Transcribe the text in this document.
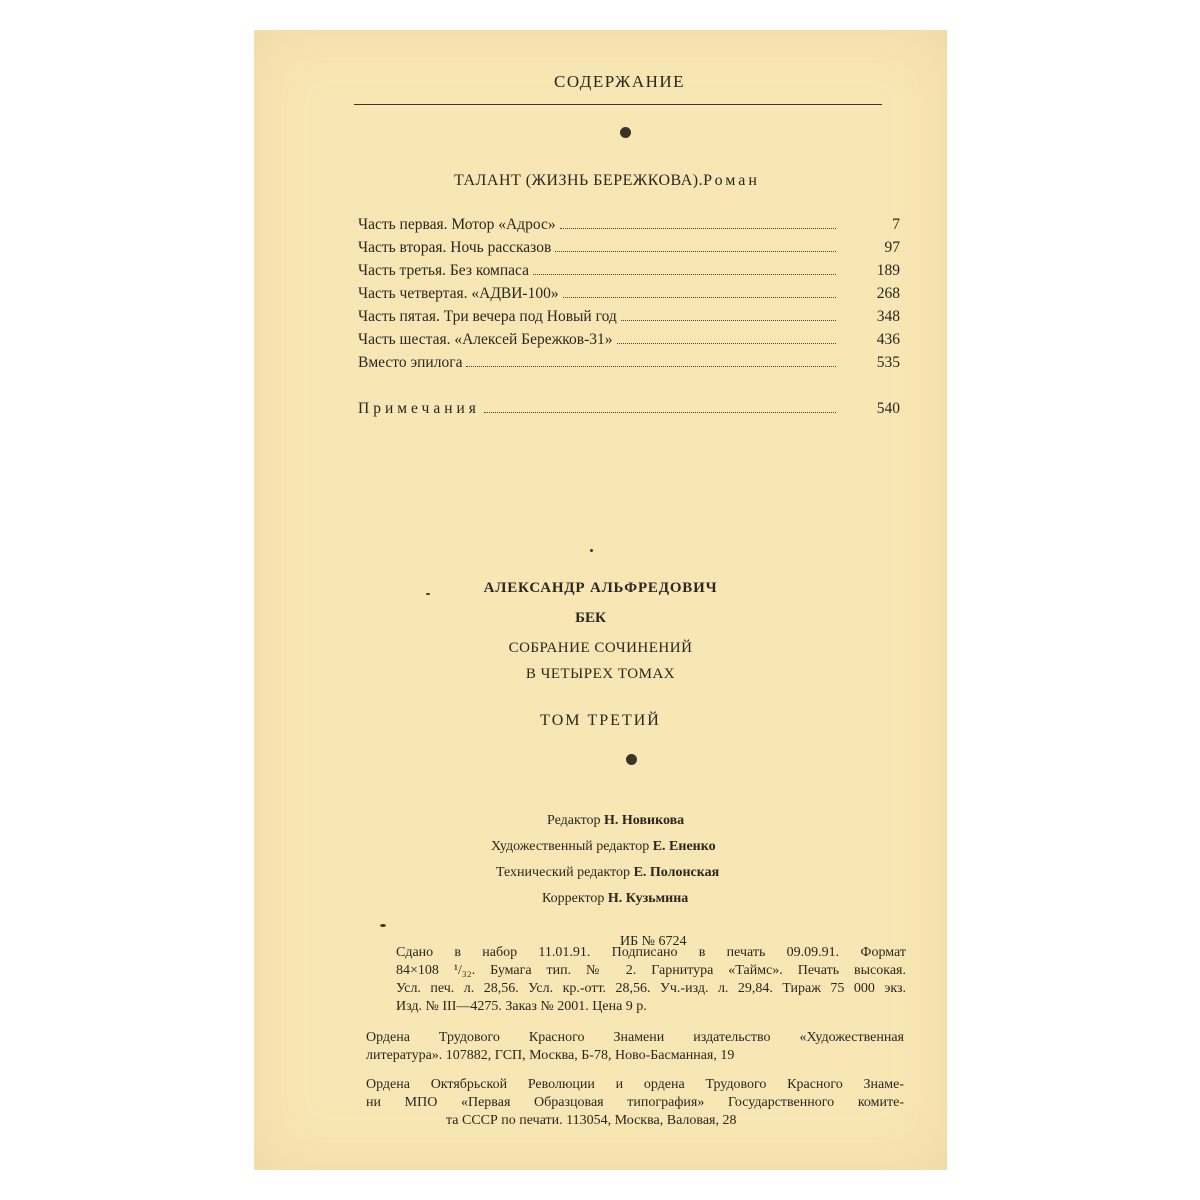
СОДЕРЖАНИЕ
ТАЛАНТ (ЖИЗНЬ БЕРЕЖКОВА).Роман
Часть первая. Мотор «Адрос»	7
Часть вторая. Ночь рассказов	97
Часть третья. Без компаса	189
Часть четвертая. «АДВИ-100»	268
Часть пятая. Три вечера под Новый год	348
Часть шестая. «Алексей Бережков-31»	436
Вместо эпилога	535
Примечания	540
АЛЕКСАНДР АЛЬФРЕДОВИЧ
БЕК
СОБРАНИЕ СОЧИНЕНИЙ
В ЧЕТЫРЕХ ТОМАХ
ТОМ ТРЕТИЙ
Редактор Н. Новикова
Художественный редактор Е. Ененко
Технический редактор Е. Полонская
Корректор Н. Кузьмина
ИБ № 6724
Сдано в набор 11.01.91. Подписано в печать 09.09.91. Формат
84×108 ¹/₃₂. Бумага тип. № 2. Гарнитура «Таймс». Печать высокая.
Усл. печ. л. 28,56. Усл. кр.-отт. 28,56. Уч.-изд. л. 29,84. Тираж 75 000 экз.
Изд. № III—4275. Заказ № 2001. Цена 9 р.
Ордена Трудового Красного Знамени издательство «Художественная
литература». 107882, ГСП, Москва, Б-78, Ново-Басманная, 19
Ордена Октябрьской Революции и ордена Трудового Красного Знаме-
ни МПО «Первая Образцовая типография» Государственного комите-
та СССР по печати. 113054, Москва, Валовая, 28
